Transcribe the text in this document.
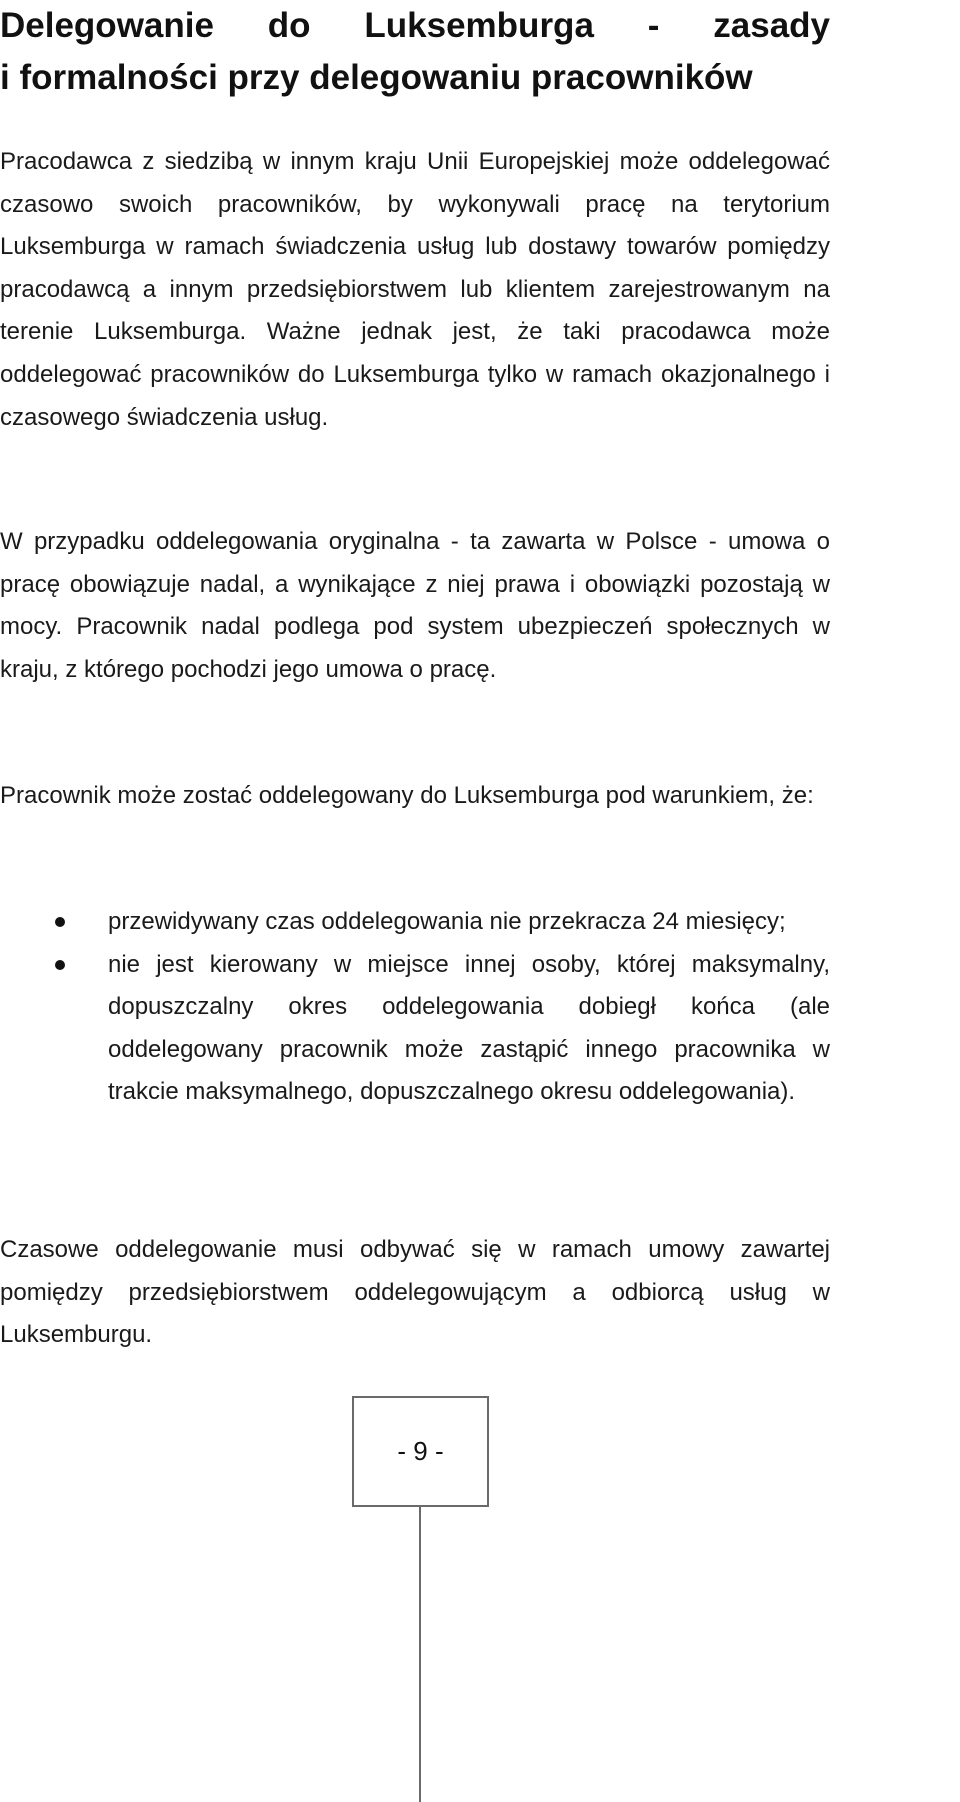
Delegowanie do Luksemburga - zasady
i formalności przy delegowaniu pracowników

Pracodawca z siedzibą w innym kraju Unii Europejskiej może oddelegować czasowo swoich pracowników, by wykonywali pracę na terytorium Luksemburga w ramach świadczenia usług lub dostawy towarów pomiędzy pracodawcą a innym przedsiębiorstwem lub klientem zarejestrowanym na terenie Luksemburga. Ważne jednak jest, że taki pracodawca może oddelegować pracowników do Luksemburga tylko w ramach okazjonalnego i czasowego świadczenia usług.

W przypadku oddelegowania oryginalna - ta zawarta w Polsce - umowa o pracę obowiązuje nadal, a wynikające z niej prawa i obowiązki pozostają w mocy. Pracownik nadal podlega pod system ubezpieczeń społecznych w kraju, z którego pochodzi jego umowa o pracę.

Pracownik może zostać oddelegowany do Luksemburga pod warunkiem, że:

przewidywany czas oddelegowania nie przekracza 24 miesięcy;
nie jest kierowany w miejsce innej osoby, której maksymalny, dopuszczalny okres oddelegowania dobiegł końca (ale oddelegowany pracownik może zastąpić innego pracownika w trakcie maksymalnego, dopuszczalnego okresu oddelegowania).

Czasowe oddelegowanie musi odbywać się w ramach umowy zawartej pomiędzy przedsiębiorstwem oddelegowującym a odbiorcą usług w Luksemburgu.

- 9 -
